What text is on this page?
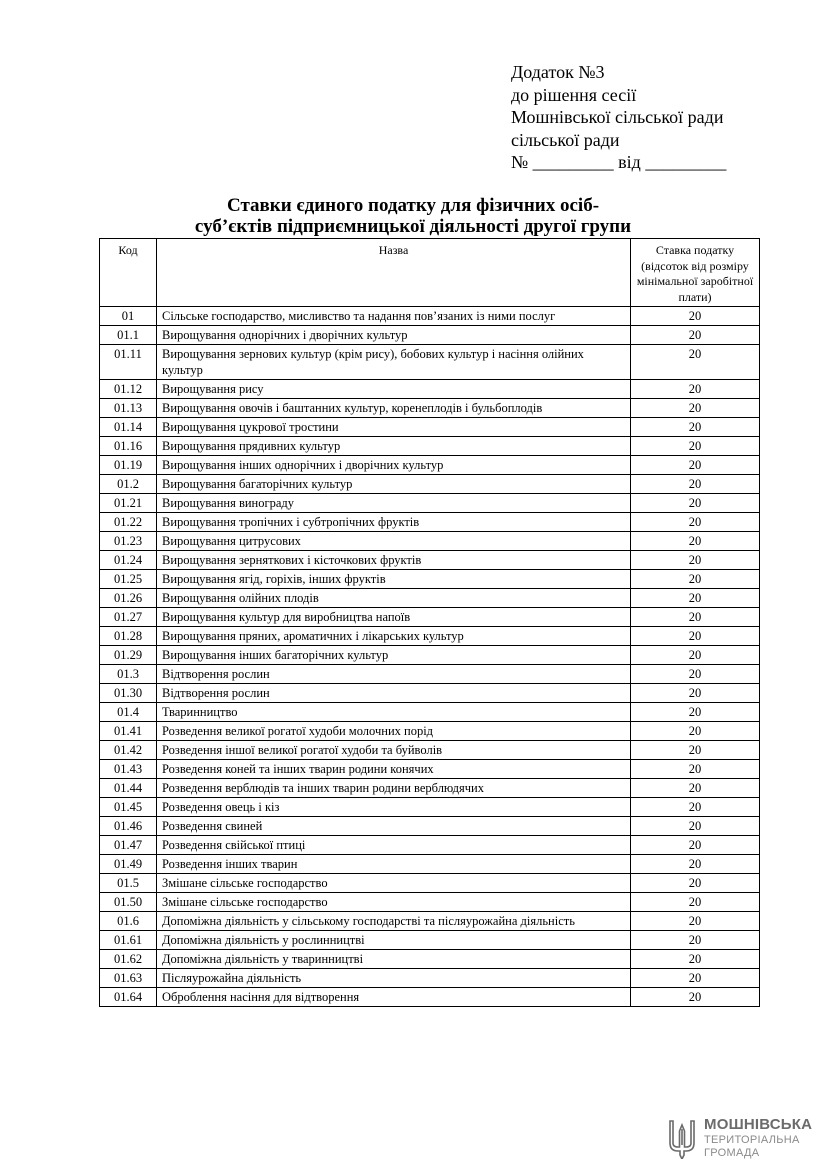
Додаток №3
до рішення сесії
Мошнівської сільської ради
сільської ради
№ _________ від _________
Ставки єдиного податку для фізичних осіб-
суб’єктів підприємницької діяльності другої групи
Код	Назва	Ставка податку (відсоток від розміру мінімальної заробітної плати)
01	Сільське господарство, мисливство та надання пов’язаних із ними послуг	20
01.1	Вирощування однорічних і дворічних культур	20
01.11	Вирощування зернових культур (крім рису), бобових культур і насіння олійних культур	20
01.12	Вирощування рису	20
01.13	Вирощування овочів і баштанних культур, коренеплодів і бульбоплодів	20
01.14	Вирощування цукрової тростини	20
01.16	Вирощування прядивних культур	20
01.19	Вирощування інших однорічних і дворічних культур	20
01.2	Вирощування багаторічних культур	20
01.21	Вирощування винограду	20
01.22	Вирощування тропічних і субтропічних фруктів	20
01.23	Вирощування цитрусових	20
01.24	Вирощування зерняткових і кісточкових фруктів	20
01.25	Вирощування ягід, горіхів, інших фруктів	20
01.26	Вирощування олійних плодів	20
01.27	Вирощування культур для виробництва напоїв	20
01.28	Вирощування пряних, ароматичних і лікарських культур	20
01.29	Вирощування інших багаторічних культур	20
01.3	Відтворення рослин	20
01.30	Відтворення рослин	20
01.4	Тваринництво	20
01.41	Розведення великої рогатої худоби молочних порід	20
01.42	Розведення іншої великої рогатої худоби та буйволів	20
01.43	Розведення коней та інших тварин родини конячих	20
01.44	Розведення верблюдів та інших тварин родини верблюдячих	20
01.45	Розведення овець і кіз	20
01.46	Розведення свиней	20
01.47	Розведення свійської птиці	20
01.49	Розведення інших тварин	20
01.5	Змішане сільське господарство	20
01.50	Змішане сільське господарство	20
01.6	Допоміжна діяльність у сільському господарстві та післяурожайна діяльність	20
01.61	Допоміжна діяльність у рослинництві	20
01.62	Допоміжна діяльність у тваринництві	20
01.63	Післяурожайна діяльність	20
01.64	Оброблення насіння для відтворення	20
МОШНІВСЬКА
ТЕРИТОРІАЛЬНА
ГРОМАДА
